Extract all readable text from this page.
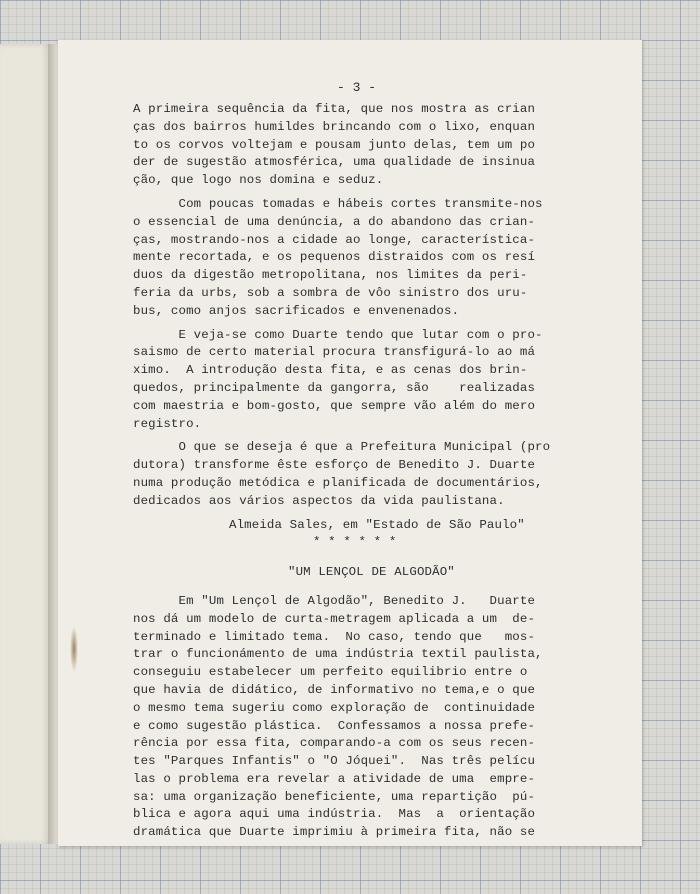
- 3 -
A primeira sequência da fita, que nos mostra as crian
ças dos bairros humildes brincando com o lixo, enquan
to os corvos voltejam e pousam junto delas, tem um po
der de sugestão atmosférica, uma qualidade de insinua
ção, que logo nos domina e seduz.
Com poucas tomadas e hábeis cortes transmite-nos
o essencial de uma denúncia, a do abandono das crian-
ças, mostrando-nos a cidade ao longe, característica-
mente recortada, e os pequenos distraidos com os resí
duos da digestão metropolitana, nos limites da peri-
feria da urbs, sob a sombra de vôo sinistro dos uru-
bus, como anjos sacrificados e envenenados.
E veja-se como Duarte tendo que lutar com o pro-
saismo de certo material procura transfigurá-lo ao má
ximo.  A introdução desta fita, e as cenas dos brin-
quedos, principalmente da gangorra, são    realizadas
com maestria e bom-gosto, que sempre vão além do mero
registro.
O que se deseja é que a Prefeitura Municipal (pro
dutora) transforme êste esforço de Benedito J. Duarte
numa produção metódica e planificada de documentários,
dedicados aos vários aspectos da vida paulistana.
Almeida Sales, em "Estado de São Paulo"
* * * * * *
"UM LENÇOL DE ALGODÃO"
Em "Um Lençol de Algodão", Benedito J.   Duarte
nos dá um modelo de curta-metragem aplicada a um  de-
terminado e limitado tema.  No caso, tendo que   mos-
trar o funcionámento de uma indústria textil paulista,
conseguiu estabelecer um perfeito equilibrio entre o
que havia de didático, de informativo no tema,e o que
o mesmo tema sugeriu como exploração de  continuidade
e como sugestão plástica.  Confessamos a nossa prefe-
rência por essa fita, comparando-a com os seus recen-
tes "Parques Infantis" o "O Jóquei".  Nas três pelícu
las o problema era revelar a atividade de uma  empre-
sa: uma organização beneficiente, uma repartição  pú-
blica e agora aqui uma indústria.  Mas  a  orientação
dramática que Duarte imprimiu à primeira fita, não se
